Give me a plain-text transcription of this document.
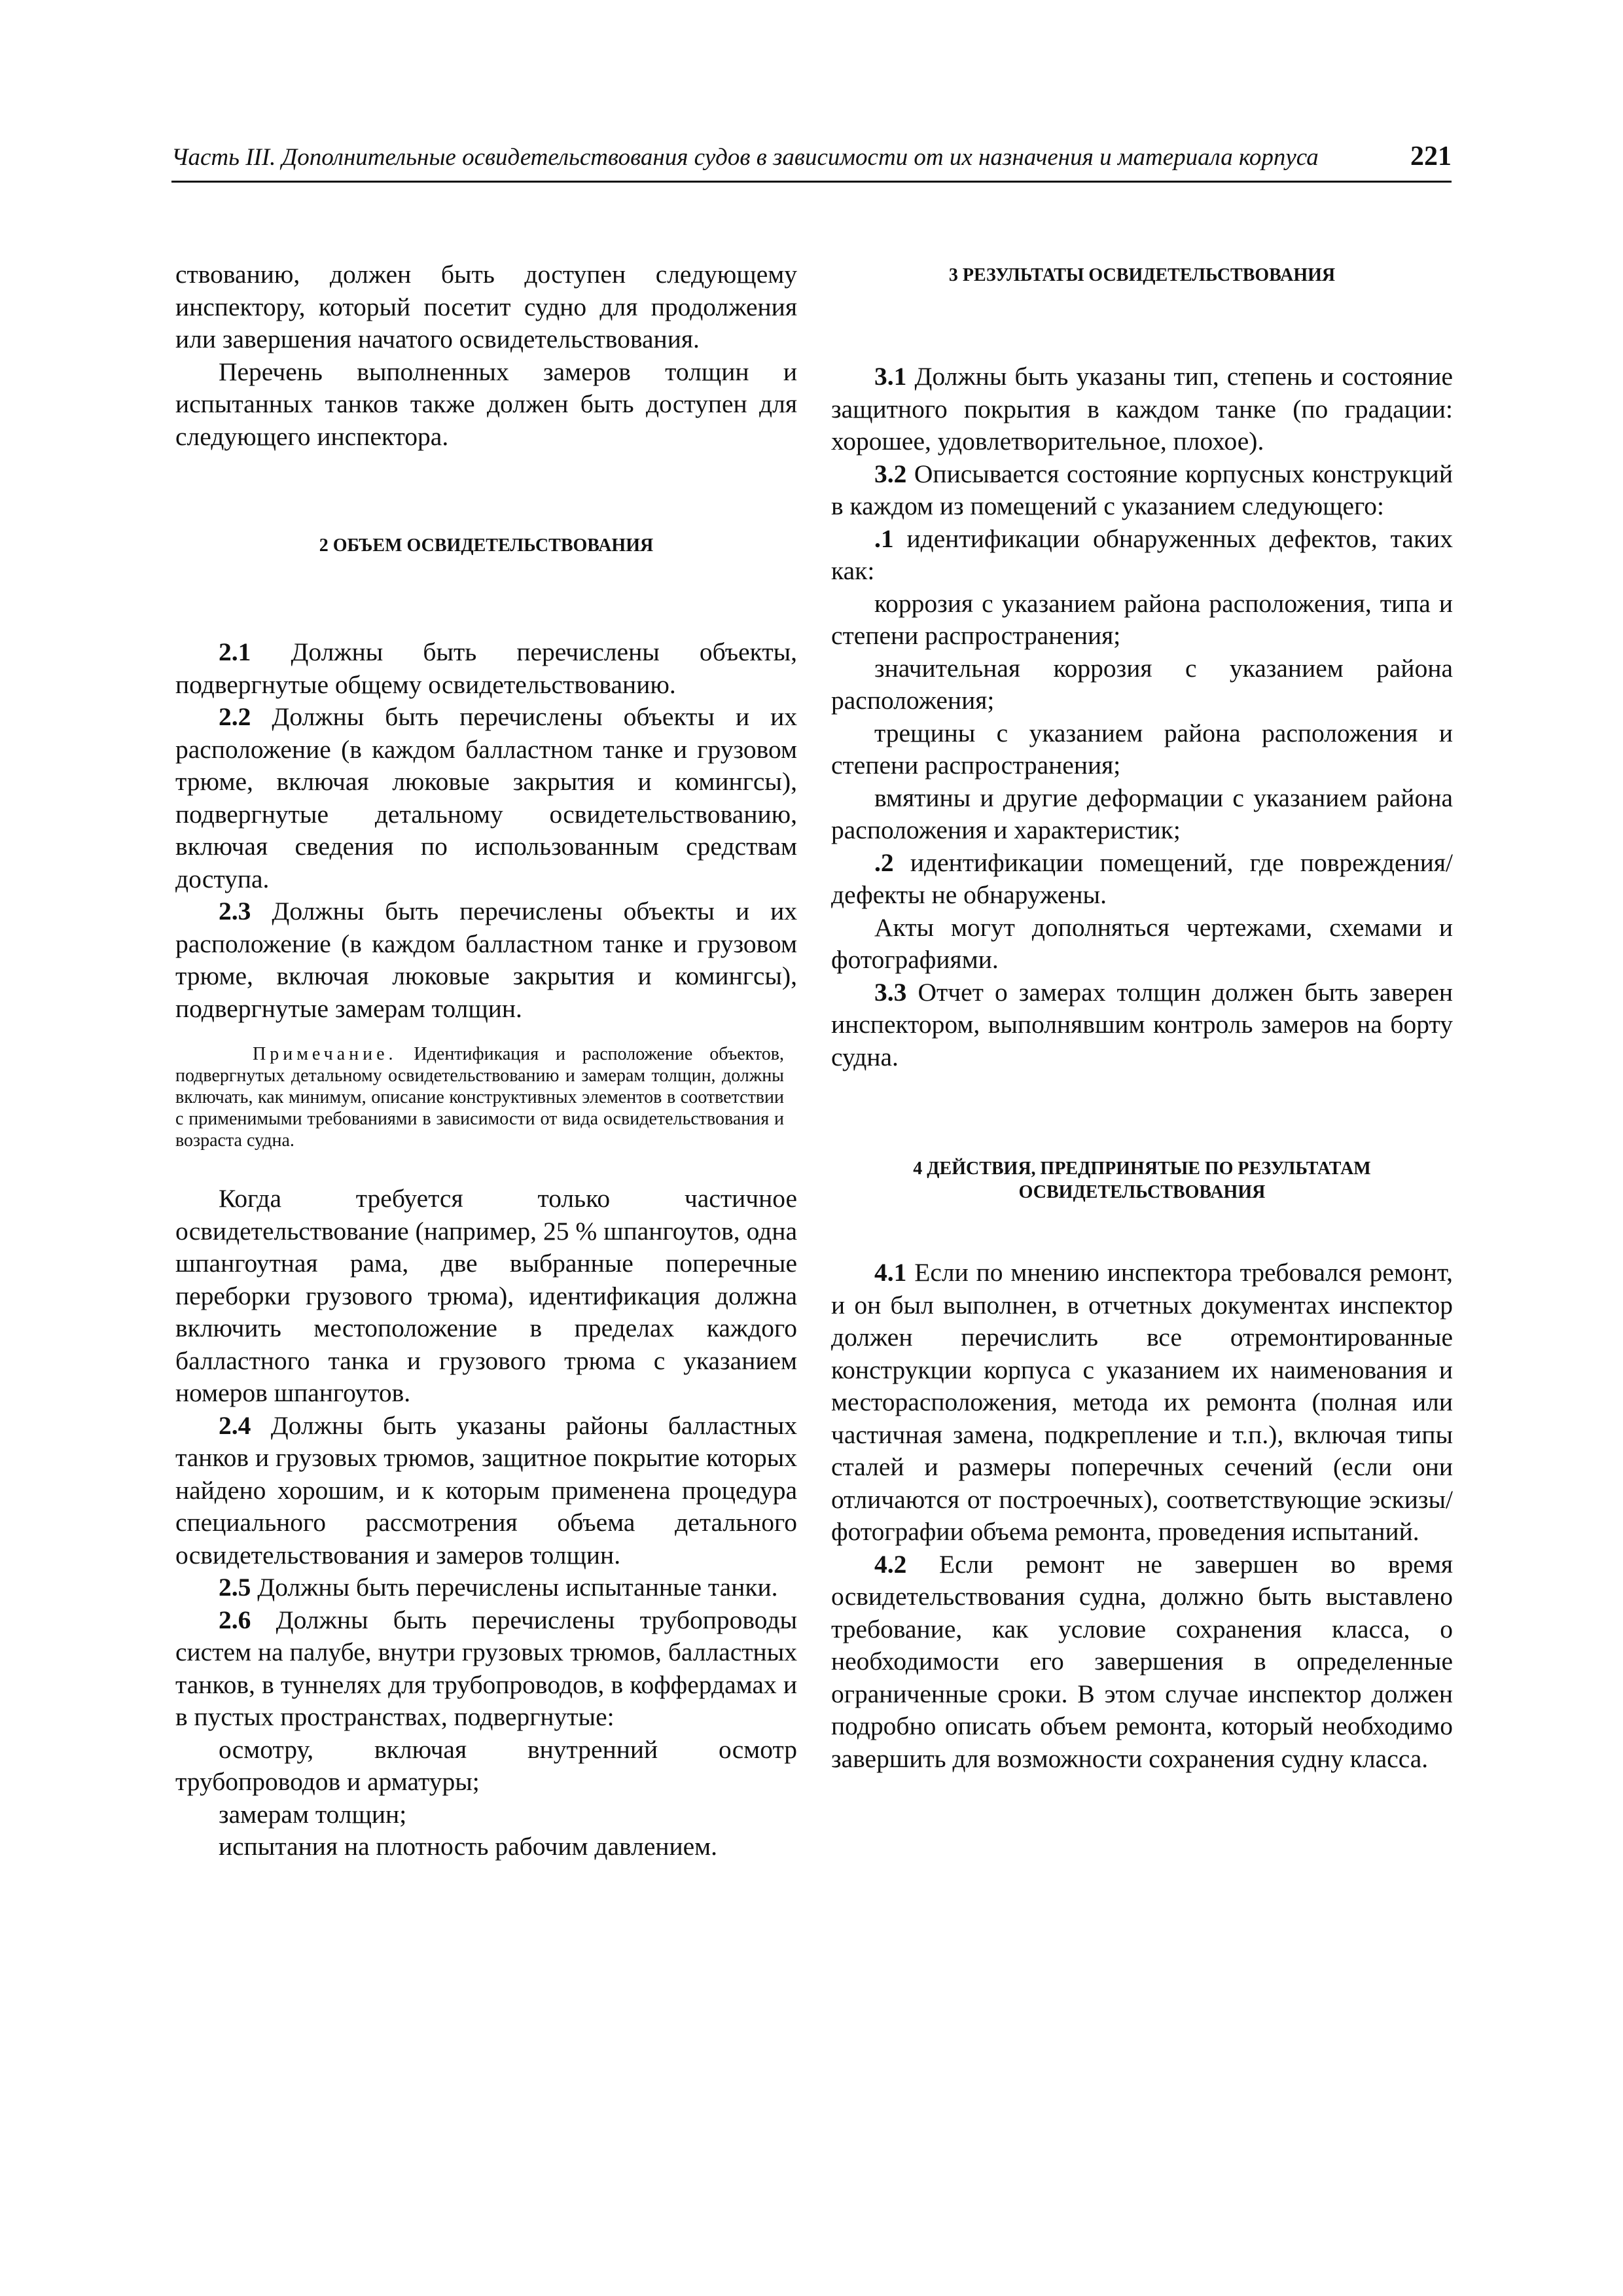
Часть III. Дополнительные освидетельствования судов в зависимости от их назначения и материала корпуса	221

ствованию, должен быть доступен следующему инспектору, который посетит судно для продолжения или завершения начатого освидетельствования.

Перечень выполненных замеров толщин и испытанных танков также должен быть доступен для следующего инспектора.

2 ОБЪЕМ ОСВИДЕТЕЛЬСТВОВАНИЯ

2.1 Должны быть перечислены объекты, подвергнутые общему освидетельствованию.

2.2 Должны быть перечислены объекты и их расположение (в каждом балластном танке и грузовом трюме, включая люковые закрытия и комингсы), подвергнутые детальному освидетельствованию, включая сведения по использованным средствам доступа.

2.3 Должны быть перечислены объекты и их расположение (в каждом балластном танке и грузовом трюме, включая люковые закрытия и комингсы), подвергнутые замерам толщин.

Примечание. Идентификация и расположение объектов, подвергнутых детальному освидетельствованию и замерам толщин, должны включать, как минимум, описание конструктивных элементов в соответствии с применимыми требованиями в зависимости от вида освидетельствования и возраста судна.

Когда требуется только частичное освидетельствование (например, 25 % шпангоутов, одна шпангоутная рама, две выбранные поперечные переборки грузового трюма), идентификация должна включить местоположение в пределах каждого балластного танка и грузового трюма с указанием номеров шпангоутов.

2.4 Должны быть указаны районы балластных танков и грузовых трюмов, защитное покрытие которых найдено хорошим, и к которым применена процедура специального рассмотрения объема детального освидетельствования и замеров толщин.

2.5 Должны быть перечислены испытанные танки.

2.6 Должны быть перечислены трубопроводы систем на палубе, внутри грузовых трюмов, балластных танков, в туннелях для трубопроводов, в коффердамах и в пустых пространствах, подвергнутые:

осмотру, включая внутренний осмотр трубопроводов и арматуры;

замерам толщин;

испытания на плотность рабочим давлением.

3 РЕЗУЛЬТАТЫ ОСВИДЕТЕЛЬСТВОВАНИЯ

3.1 Должны быть указаны тип, степень и состояние защитного покрытия в каждом танке (по градации: хорошее, удовлетворительное, плохое).

3.2 Описывается состояние корпусных конструкций в каждом из помещений с указанием следующего:

.1 идентификации обнаруженных дефектов, таких как:

коррозия с указанием района расположения, типа и степени распространения;

значительная коррозия с указанием района расположения;

трещины с указанием района расположения и степени распространения;

вмятины и другие деформации с указанием района расположения и характеристик;

.2 идентификации помещений, где повреждения/дефекты не обнаружены.

Акты могут дополняться чертежами, схемами и фотографиями.

3.3 Отчет о замерах толщин должен быть заверен инспектором, выполнявшим контроль замеров на борту судна.

4 ДЕЙСТВИЯ, ПРЕДПРИНЯТЫЕ ПО РЕЗУЛЬТАТАМ
ОСВИДЕТЕЛЬСТВОВАНИЯ

4.1 Если по мнению инспектора требовался ремонт, и он был выполнен, в отчетных документах инспектор должен перечислить все отремонтированные конструкции корпуса с указанием их наименования и месторасположения, метода их ремонта (полная или частичная замена, подкрепление и т.п.), включая типы сталей и размеры поперечных сечений (если они отличаются от построечных), соответствующие эскизы/фотографии объема ремонта, проведения испытаний.

4.2 Если ремонт не завершен во время освидетельствования судна, должно быть выставлено требование, как условие сохранения класса, о необходимости его завершения в определенные ограниченные сроки. В этом случае инспектор должен подробно описать объем ремонта, который необходимо завершить для возможности сохранения судну класса.
